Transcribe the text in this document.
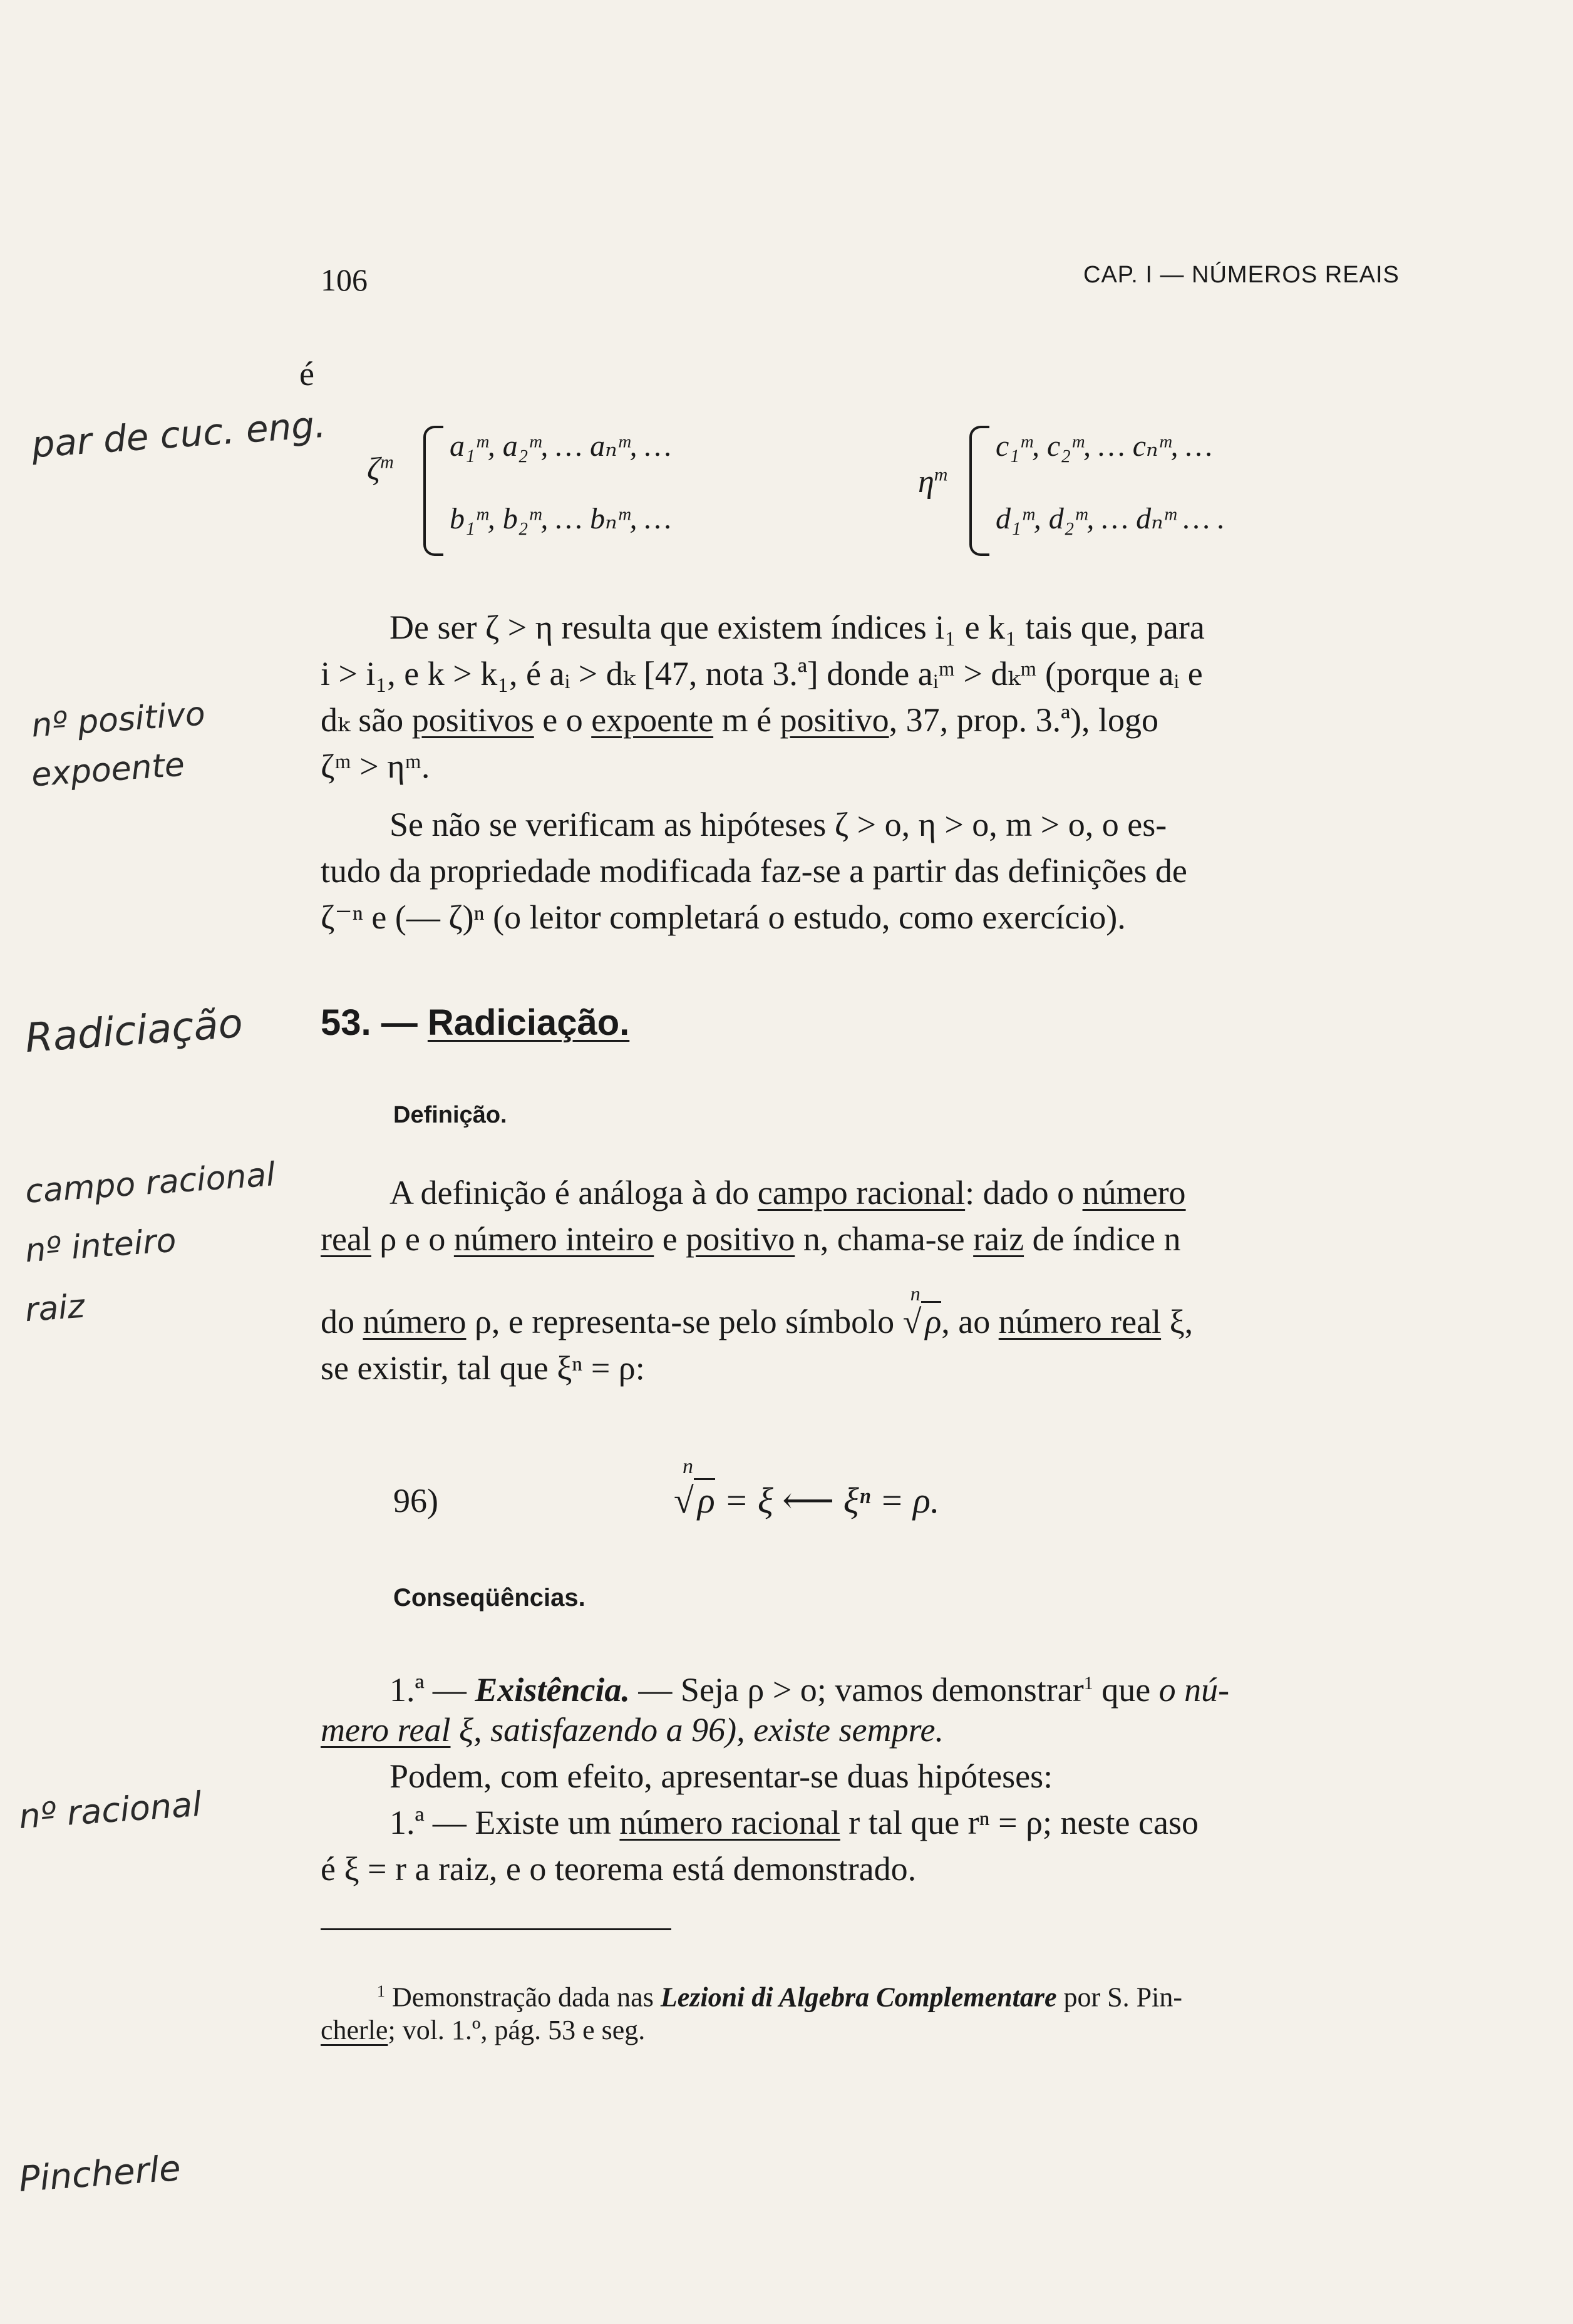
106	CAP. I — NÚMEROS REAIS
par de cuc. eng.
nº positivo
expoente
Radiciação
campo racional
nº inteiro
raiz
nº racional
Pincherle
é
$\zeta^m$ a₁ᵐ, a₂ᵐ, … aₙᵐ, …
b₁ᵐ, b₂ᵐ, … bₙᵐ, …
$\eta^m$
c₁ᵐ, c₂ᵐ, … cₙᵐ, …
d₁ᵐ, d₂ᵐ, … dₙᵐ … .
De ser ζ > η resulta que existem índices i₁ e k₁ tais que, para
i > i₁, e k > k₁, é aᵢ > dₖ [47, nota 3.ª] donde aᵢᵐ > dₖᵐ (porque aᵢ e
dₖ são positivos e o expoente m é positivo, 37, prop. 3.ª), logo
ζᵐ > ηᵐ.
Se não se verificam as hipóteses ζ > o, η > o, m > o, o es-
tudo da propriedade modificada faz-se a partir das definições de
ζ⁻ⁿ e (— ζ)ⁿ (o leitor completará o estudo, como exercício).
53. — Radiciação.
Definição.
A definição é análoga à do campo racional: dado o número
real ρ e o número inteiro e positivo n, chama-se raiz de índice n
do número ρ, e representa-se pelo símbolo
n
√ ρ, ao número real ξ,
se existir, tal que ξⁿ = ρ:
96)
n
√ ρ = ξ ⟵ ξⁿ = ρ.
Conseqüências.
1.ª — Existência. — Seja ρ > o; vamos demonstrar$^1$ que o nú-
mero real ξ, satisfazendo a 96), existe sempre.
Podem, com efeito, apresentar-se duas hipóteses:
1.ª — Existe um número racional r tal que rⁿ = ρ; neste caso
é ξ = r a raiz, e o teorema está demonstrado.
$^1$ Demonstração dada nas Lezioni di Algebra Complementare por S. Pin-
cherle; vol. 1.º, pág. 53 e seg.
